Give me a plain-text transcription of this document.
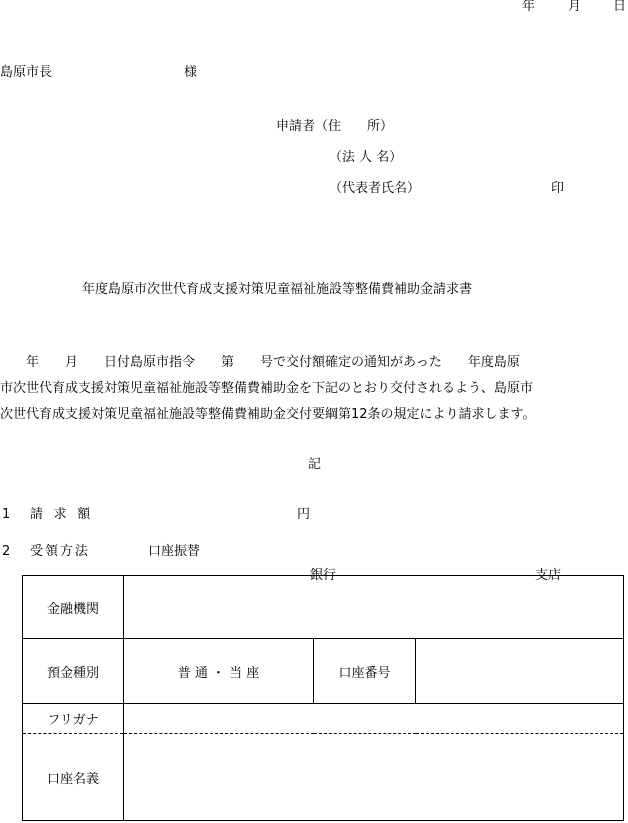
年	月 日
島原市長	様
申請者（住　　所）
（法 人 名）
（代表者氏名）	印
年度島原市次世代育成支援対策児童福祉施設等整備費補助金請求書
　　年　　月　　日付島原市指令　　第　　号で交付額確定の通知があった　　年度島原
市次世代育成支援対策児童福祉施設等整備費補助金を下記のとおり交付されるよう、島原市
次世代育成支援対策児童福祉施設等整備費補助金交付要綱第12条の規定により請求します。
記
1 請 求 額	円
2 受領方法	口座振替
金融機関	銀行 支店		

預金種別	普 通 ・ 当 座	口座番号	
フリガナ			
口座名義			
